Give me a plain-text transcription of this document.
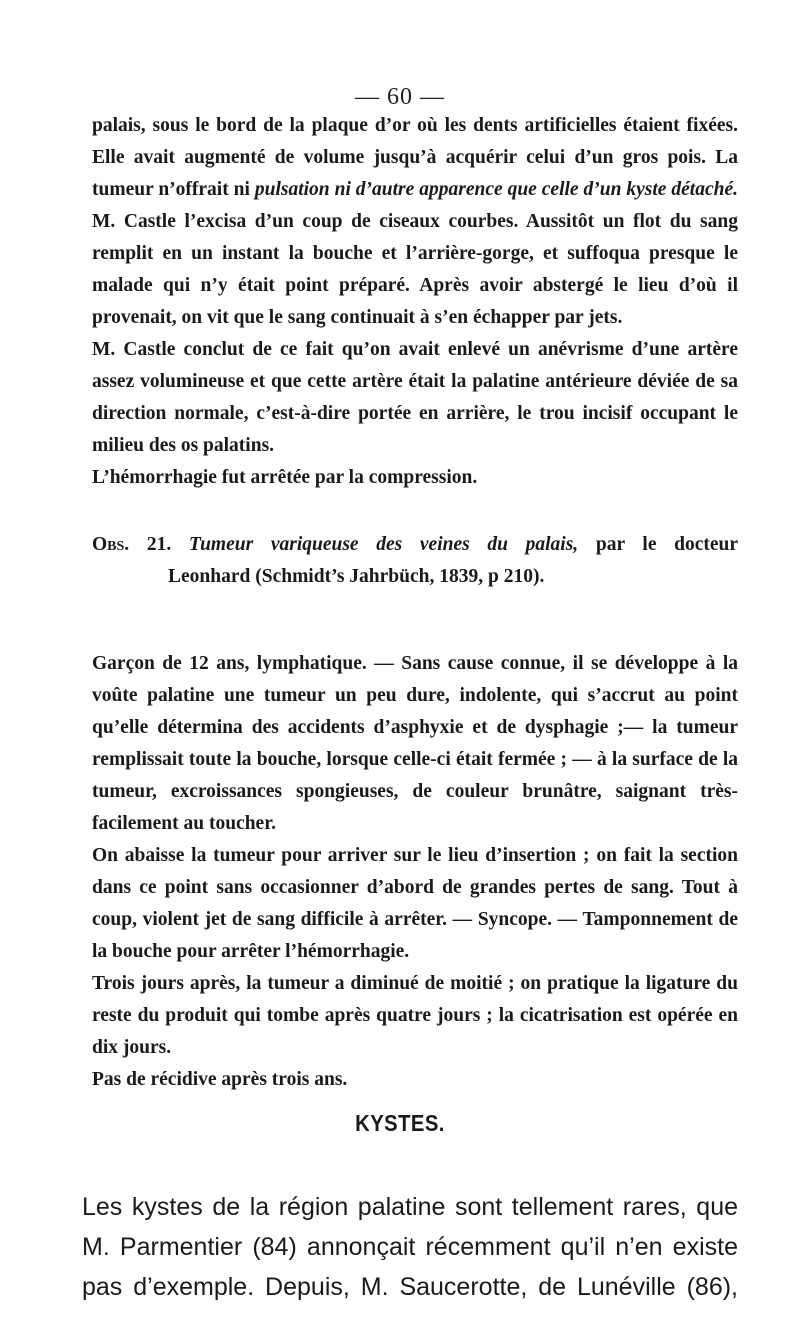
— 60 —

palais, sous le bord de la plaque d’or où les dents artificielles étaient fixées. Elle avait augmenté de volume jusqu’à acquérir celui d’un gros pois. La tumeur n’offrait ni pulsation ni d’autre apparence que celle d’un kyste détaché. M. Castle l’excisa d’un coup de ciseaux courbes. Aussitôt un flot du sang remplit en un instant la bouche et l’arrière-gorge, et suffoqua presque le malade qui n’y était point préparé. Après avoir abstergé le lieu d’où il provenait, on vit que le sang continuait à s’en échapper par jets.

M. Castle conclut de ce fait qu’on avait enlevé un anévrisme d’une artère assez volumineuse et que cette artère était la palatine antérieure déviée de sa direction normale, c’est-à-dire portée en arrière, le trou incisif occupant le milieu des os palatins.

L’hémorrhagie fut arrêtée par la compression.

Obs. 21. Tumeur variqueuse des veines du palais, par le docteur
Leonhard (Schmidt’s Jahrbüch, 1839, p 210).

Garçon de 12 ans, lymphatique. — Sans cause connue, il se développe à la voûte palatine une tumeur un peu dure, indolente, qui s’accrut au point qu’elle détermina des accidents d’asphyxie et de dysphagie ;— la tumeur remplissait toute la bouche, lorsque celle-ci était fermée ; — à la surface de la tumeur, excroissances spongieuses, de couleur brunâtre, saignant très-facilement au toucher.

On abaisse la tumeur pour arriver sur le lieu d’insertion ; on fait la section dans ce point sans occasionner d’abord de grandes pertes de sang. Tout à coup, violent jet de sang difficile à arrêter. — Syncope. — Tamponnement de la bouche pour arrêter l’hémorrhagie.

Trois jours après, la tumeur a diminué de moitié ; on pratique la ligature du reste du produit qui tombe après quatre jours ; la cicatrisation est opérée en dix jours.

Pas de récidive après trois ans.

KYSTES.
Les kystes de la région palatine sont tellement rares, que
M. Parmentier (84) annonçait récemment qu’il n’en existe
pas d’exemple. Depuis, M. Saucerotte, de Lunéville (86),
